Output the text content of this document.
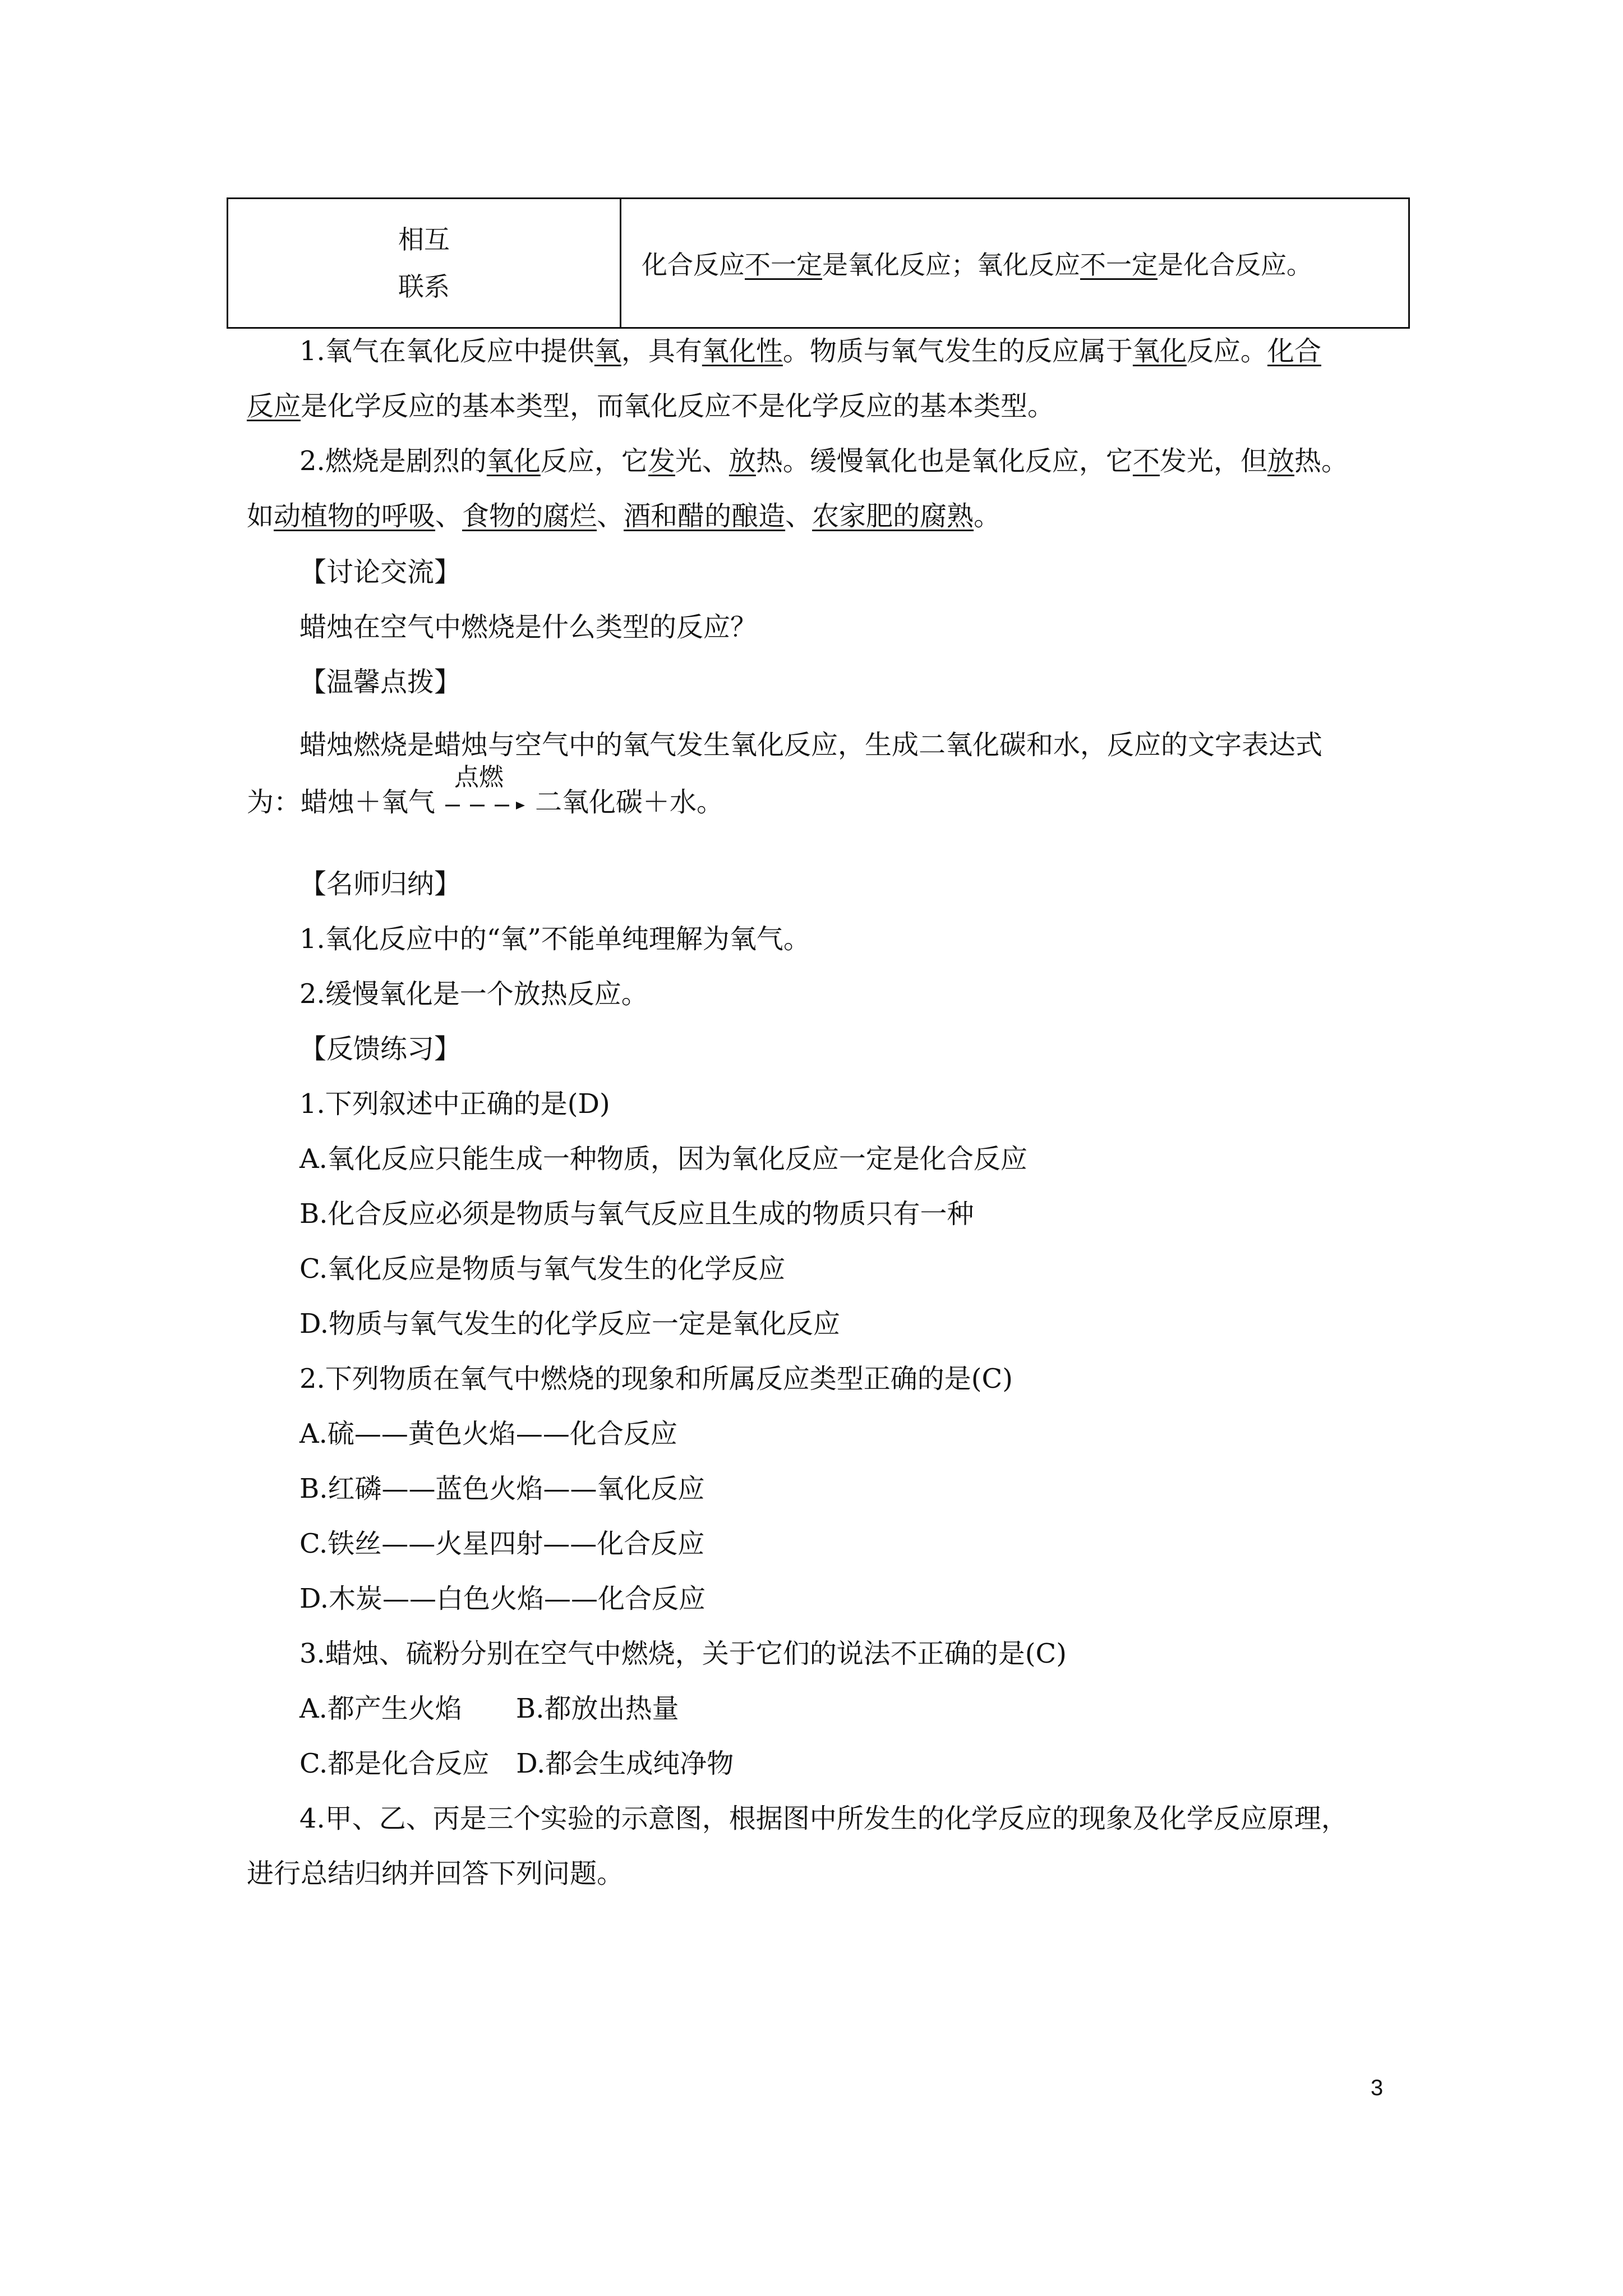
相互
联系
	化合反应不一定是氧化反应；氧化反应不一定是化合反应。
1.氧气在氧化反应中提供氧，具有氧化性。物质与氧气发生的反应属于氧化反应。化合
反应是化学反应的基本类型，而氧化反应不是化学反应的基本类型。
2.燃烧是剧烈的氧化反应，它发光、放热。缓慢氧化也是氧化反应，它不发光，但放热。
如动植物的呼吸、食物的腐烂、酒和醋的酿造、农家肥的腐熟。
【讨论交流】
蜡烛在空气中燃烧是什么类型的反应？
【温馨点拨】
蜡烛燃烧是蜡烛与空气中的氧气发生氧化反应，生成二氧化碳和水，反应的文字表达式
为：蜡烛＋氧气
点燃
二氧化碳＋水。
【名师归纳】
1.氧化反应中的“氧”不能单纯理解为氧气。
2.缓慢氧化是一个放热反应。
【反馈练习】
1.下列叙述中正确的是(D)
A.氧化反应只能生成一种物质，因为氧化反应一定是化合反应
B.化合反应必须是物质与氧气反应且生成的物质只有一种
C.氧化反应是物质与氧气发生的化学反应
D.物质与氧气发生的化学反应一定是氧化反应
2.下列物质在氧气中燃烧的现象和所属反应类型正确的是(C)
A.硫——黄色火焰——化合反应
B.红磷——蓝色火焰——氧化反应
C.铁丝——火星四射——化合反应
D.木炭——白色火焰——化合反应
3.蜡烛、硫粉分别在空气中燃烧，关于它们的说法不正确的是(C)
A.都产生火焰　　B.都放出热量
C.都是化合反应　D.都会生成纯净物
4.甲、乙、丙是三个实验的示意图，根据图中所发生的化学反应的现象及化学反应原理，
进行总结归纳并回答下列问题。
3
